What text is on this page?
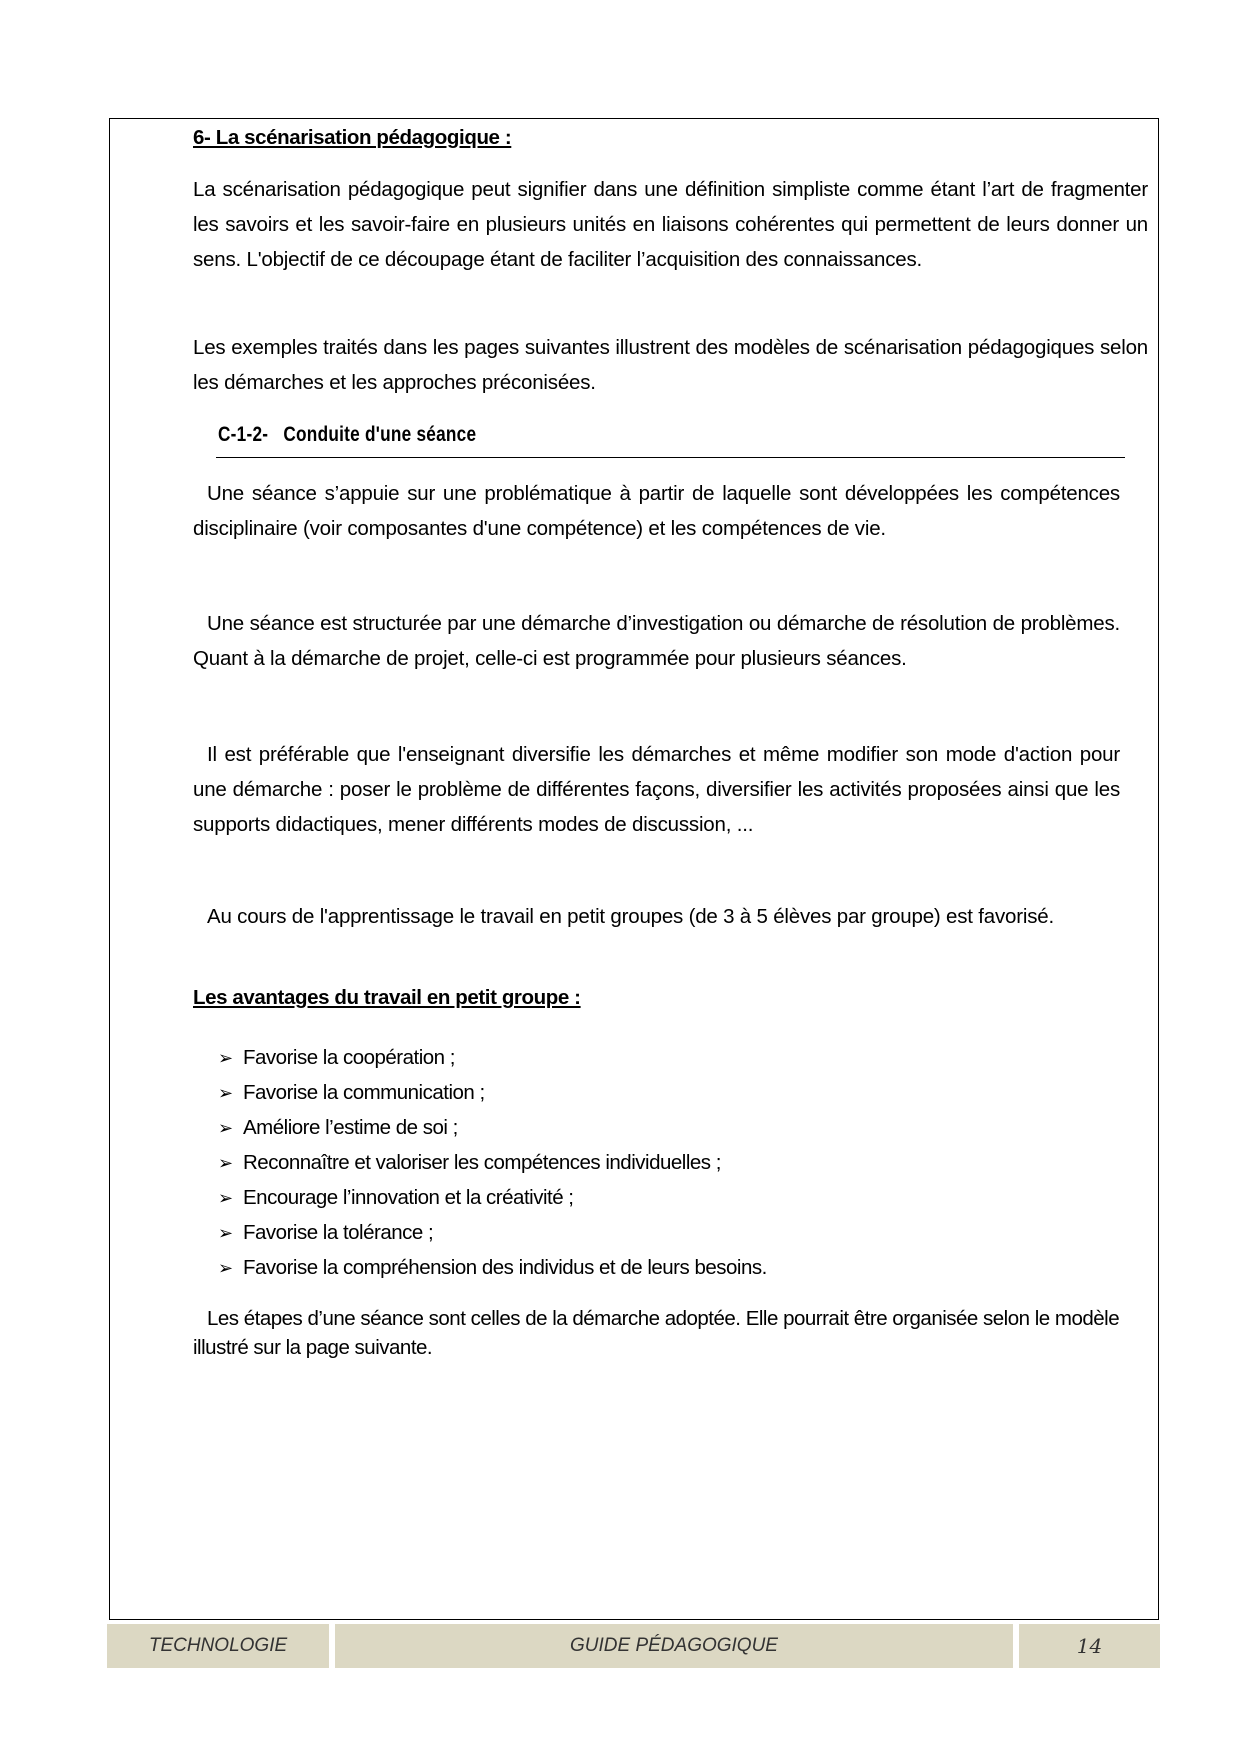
6- La scénarisation pédagogique :
La scénarisation pédagogique peut signifier dans une définition simpliste comme étant l’art de fragmenter les savoirs et les savoir-faire en plusieurs unités en liaisons cohérentes qui permettent de leurs donner un sens. L'objectif de ce découpage étant de faciliter l’acquisition des connaissances.
Les exemples traités dans les pages suivantes illustrent des modèles de scénarisation pédagogiques selon les démarches et les approches préconisées.
C-1-2-   Conduite d'une séance
Une séance s’appuie sur une problématique à partir de laquelle sont développées les compétences disciplinaire (voir composantes d'une compétence) et les compétences de vie.
Une séance est structurée par une démarche d’investigation ou démarche de résolution de problèmes. Quant à la démarche de projet, celle-ci est programmée pour plusieurs séances.
Il est préférable que l'enseignant diversifie les démarches et même modifier son mode d'action pour une démarche : poser le problème de différentes façons, diversifier les activités proposées ainsi que les supports didactiques, mener différents modes de discussion, ...
Au cours de l'apprentissage le travail en petit groupes (de 3 à 5 élèves par groupe) est favorisé.
Les avantages du travail en petit groupe :
➢ Favorise la coopération ;
➢ Favorise la communication ;
➢ Améliore l’estime de soi ;
➢ Reconnaître et valoriser les compétences individuelles ;
➢ Encourage l’innovation et la créativité ;
➢ Favorise la tolérance ;
➢ Favorise la compréhension des individus et de leurs besoins.
Les étapes d’une séance sont celles de la démarche adoptée. Elle pourrait être organisée selon le modèle illustré sur la page suivante.
TECHNOLOGIE	GUIDE PÉDAGOGIQUE	14
